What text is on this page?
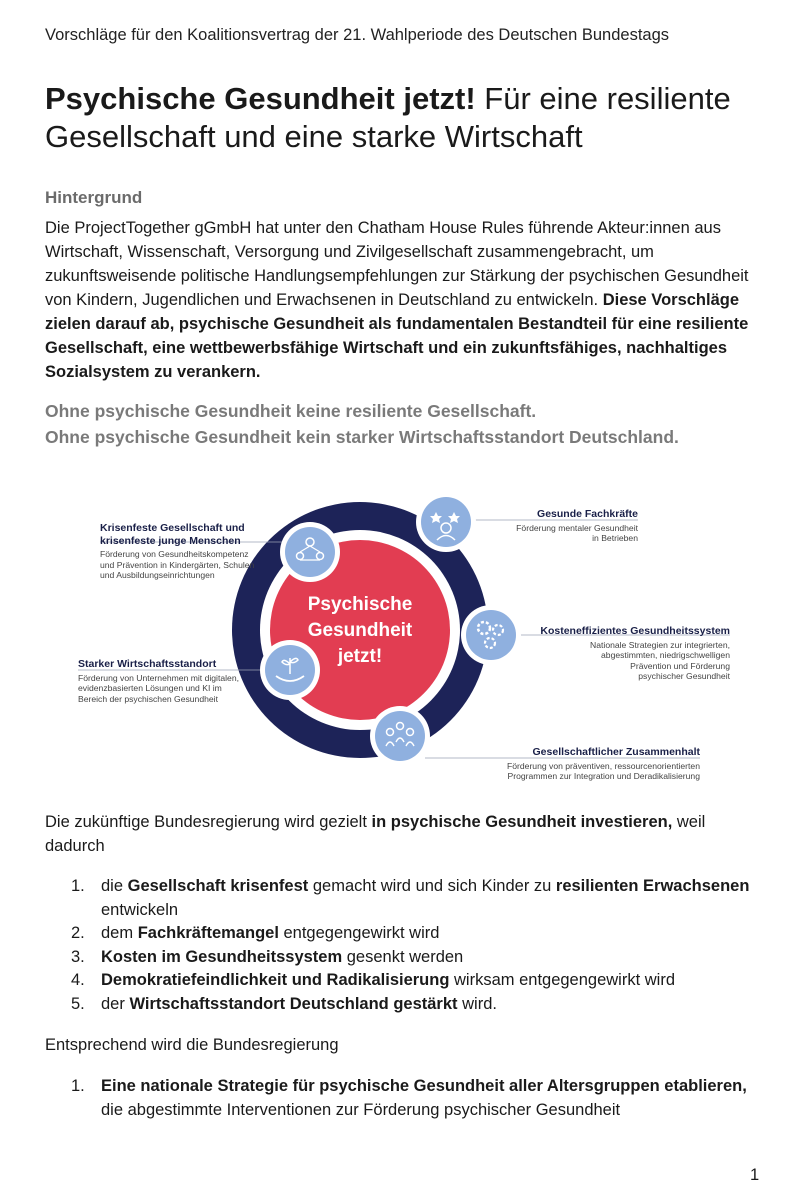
Vorschläge für den Koalitionsvertrag der 21. Wahlperiode des Deutschen Bundestags
Psychische Gesundheit jetzt! Für eine resiliente Gesellschaft und eine starke Wirtschaft
Hintergrund

Die ProjectTogether gGmbH hat unter den Chatham House Rules führende Akteur:innen aus Wirtschaft, Wissenschaft, Versorgung und Zivilgesellschaft zusammengebracht, um zukunftsweisende politische Handlungsempfehlungen zur Stärkung der psychischen Gesundheit von Kindern, Jugendlichen und Erwachsenen in Deutschland zu entwickeln. Diese Vorschläge zielen darauf ab, psychische Gesundheit als fundamentalen Bestandteil für eine resiliente Gesellschaft, eine wettbewerbsfähige Wirtschaft und ein zukunftsfähiges, nachhaltiges Sozialsystem zu verankern.

Ohne psychische Gesundheit keine resiliente Gesellschaft.
Ohne psychische Gesundheit kein starker Wirtschaftsstandort Deutschland.
Psychische
Gesundheit
jetzt!
Krisenfeste Gesellschaft und
krisenfeste junge Menschen
Förderung von Gesundheitskompetenz
und Prävention in Kindergärten, Schulen
und Ausbildungseinrichtungen
Gesunde Fachkräfte
Förderung mentaler Gesundheit
in Betrieben
Kosteneffizientes Gesundheitssystem
Nationale Strategien zur integrierten,
abgestimmten, niedrigschwelligen
Prävention und Förderung
psychischer Gesundheit
Gesellschaftlicher Zusammenhalt
Förderung von präventiven, ressourcenorientierten
Programmen zur Integration und Deradikalisierung
Starker Wirtschaftsstandort
Förderung von Unternehmen mit digitalen,
evidenzbasierten Lösungen und KI im
Bereich der psychischen Gesundheit

Die zukünftige Bundesregierung wird gezielt in psychische Gesundheit investieren, weil dadurch

1. die Gesellschaft krisenfest gemacht wird und sich Kinder zu resilienten Erwachsenen entwickeln
2. dem Fachkräftemangel entgegengewirkt wird
3. Kosten im Gesundheitssystem gesenkt werden
4. Demokratiefeindlichkeit und Radikalisierung wirksam entgegengewirkt wird
5. der Wirtschaftsstandort Deutschland gestärkt wird.

Entsprechend wird die Bundesregierung

1. Eine nationale Strategie für psychische Gesundheit aller Altersgruppen etablieren, die abgestimmte Interventionen zur Förderung psychischer Gesundheit
1
